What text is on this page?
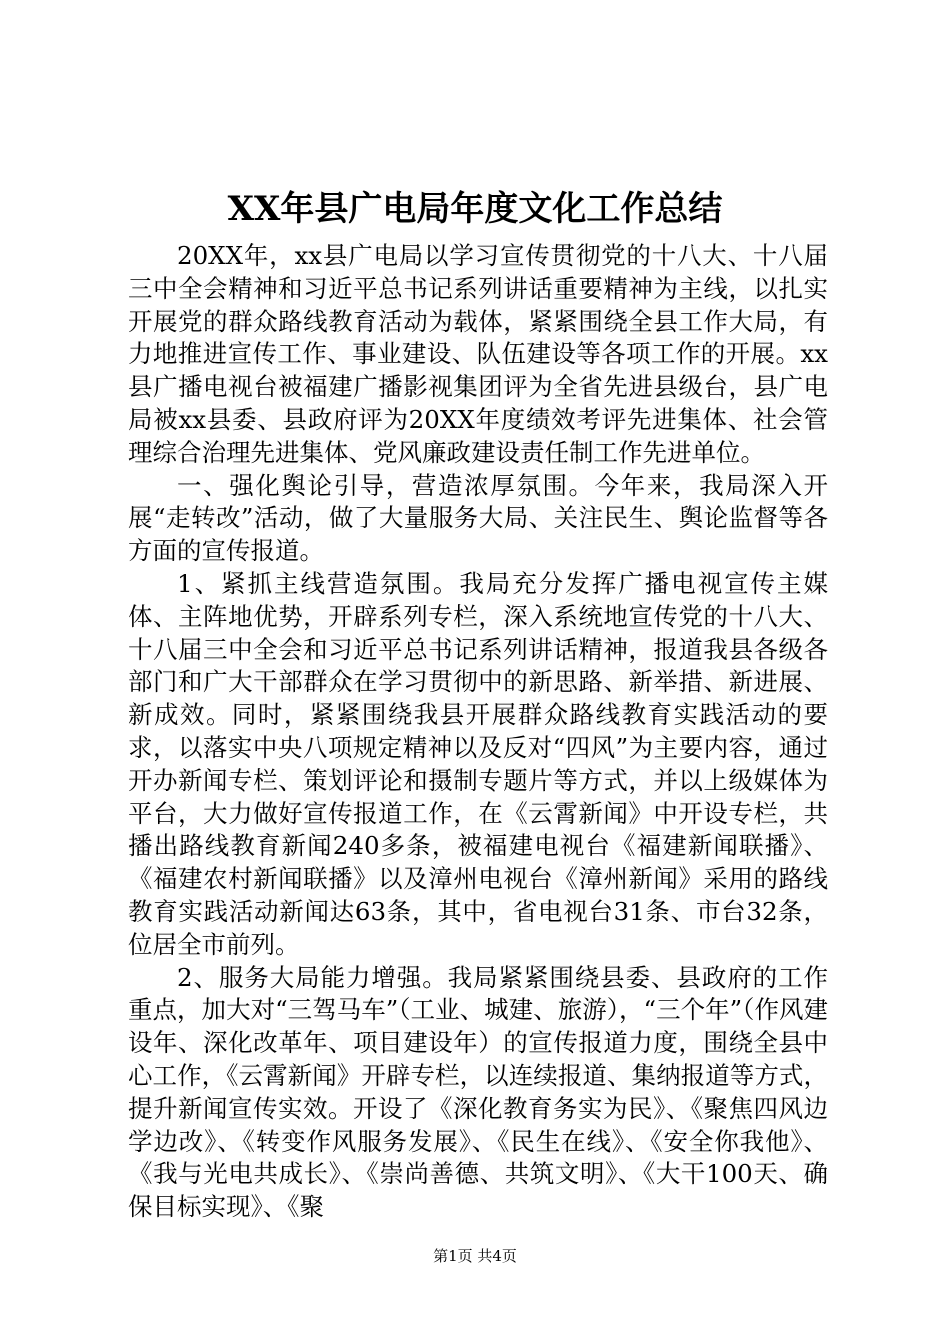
XX年县广电局年度文化工作总结

20XX年，xx县广电局以学习宣传贯彻党的十八大、十八届三中全会精神和习近平总书记系列讲话重要精神为主线，以扎实开展党的群众路线教育活动为载体，紧紧围绕全县工作大局，有力地推进宣传工作、事业建设、队伍建设等各项工作的开展。xx县广播电视台被福建广播影视集团评为全省先进县级台，县广电局被xx县委、县政府评为20XX年度绩效考评先进集体、社会管理综合治理先进集体、党风廉政建设责任制工作先进单位。

一、强化舆论引导，营造浓厚氛围。今年来，我局深入开展“走转改”活动，做了大量服务大局、关注民生、舆论监督等各方面的宣传报道。

1、紧抓主线营造氛围。我局充分发挥广播电视宣传主媒体、主阵地优势，开辟系列专栏，深入系统地宣传党的十八大、十八届三中全会和习近平总书记系列讲话精神，报道我县各级各部门和广大干部群众在学习贯彻中的新思路、新举措、新进展、新成效。同时，紧紧围绕我县开展群众路线教育实践活动的要求，以落实中央八项规定精神以及反对“四风”为主要内容，通过开办新闻专栏、策划评论和摄制专题片等方式，并以上级媒体为平台，大力做好宣传报道工作，在《云霄新闻》中开设专栏，共播出路线教育新闻240多条，被福建电视台《福建新闻联播》、《福建农村新闻联播》以及漳州电视台《漳州新闻》采用的路线教育实践活动新闻达63条，其中，省电视台31条、市台32条，位居全市前列。

2、服务大局能力增强。我局紧紧围绕县委、县政府的工作重点，加大对“三驾马车”（工业、城建、旅游），“三个年”（作风建设年、深化改革年、项目建设年）的宣传报道力度，围绕全县中心工作，《云霄新闻》开辟专栏，以连续报道、集纳报道等方式，提升新闻宣传实效。开设了《深化教育务实为民》、《聚焦四风边学边改》、《转变作风服务发展》、《民生在线》、《安全你我他》、《我与光电共成长》、《崇尚善德、共筑文明》、《大干100天、确保目标实现》、《聚

第1页 共4页
